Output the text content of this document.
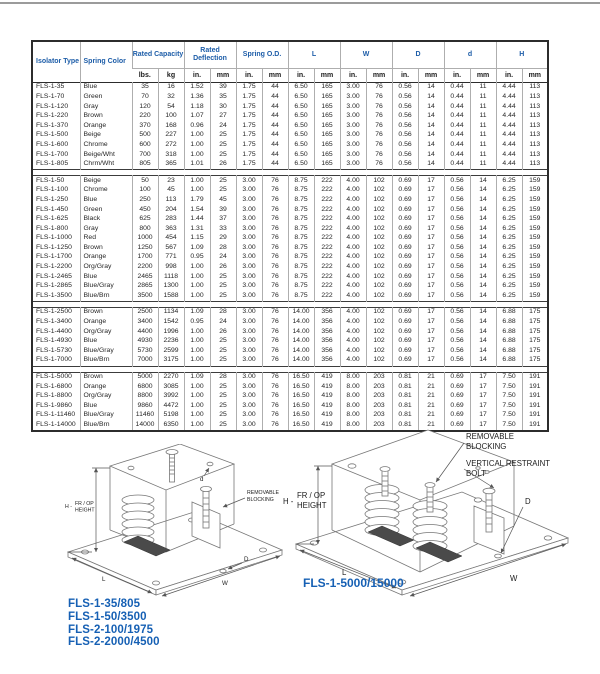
Isolator Type	Spring Color	Rated Capacity		Rated Deflection		Spring O.D.		L		W		D		d		H	
		lbs.	kg	in.	mm	in.	mm	in.	mm	in.	mm	in.	mm	in.	mm	in.	mm
FLS-1-35	Blue	35	16	1.52	39	1.75	44	6.50	165	3.00	76	0.56	14	0.44	11	4.44	113
FLS-1-70	Green	70	32	1.36	35	1.75	44	6.50	165	3.00	76	0.56	14	0.44	11	4.44	113
FLS-1-120	Gray	120	54	1.18	30	1.75	44	6.50	165	3.00	76	0.56	14	0.44	11	4.44	113
FLS-1-220	Brown	220	100	1.07	27	1.75	44	6.50	165	3.00	76	0.56	14	0.44	11	4.44	113
FLS-1-370	Orange	370	168	0.96	24	1.75	44	6.50	165	3.00	76	0.56	14	0.44	11	4.44	113
FLS-1-500	Beige	500	227	1.00	25	1.75	44	6.50	165	3.00	76	0.56	14	0.44	11	4.44	113
FLS-1-600	Chrome	600	272	1.00	25	1.75	44	6.50	165	3.00	76	0.56	14	0.44	11	4.44	113
FLS-1-700	Beige/Wht	700	318	1.00	25	1.75	44	6.50	165	3.00	76	0.56	14	0.44	11	4.44	113
FLS-1-805	Chrm/Wht	805	365	1.01	26	1.75	44	6.50	165	3.00	76	0.56	14	0.44	11	4.44	113

FLS-1-50	Beige	50	23	1.00	25	3.00	76	8.75	222	4.00	102	0.69	17	0.56	14	6.25	159
FLS-1-100	Chrome	100	45	1.00	25	3.00	76	8.75	222	4.00	102	0.69	17	0.56	14	6.25	159
FLS-1-250	Blue	250	113	1.79	45	3.00	76	8.75	222	4.00	102	0.69	17	0.56	14	6.25	159
FLS-1-450	Green	450	204	1.54	39	3.00	76	8.75	222	4.00	102	0.69	17	0.56	14	6.25	159
FLS-1-625	Black	625	283	1.44	37	3.00	76	8.75	222	4.00	102	0.69	17	0.56	14	6.25	159
FLS-1-800	Gray	800	363	1.31	33	3.00	76	8.75	222	4.00	102	0.69	17	0.56	14	6.25	159
FLS-1-1000	Red	1000	454	1.15	29	3.00	76	8.75	222	4.00	102	0.69	17	0.56	14	6.25	159
FLS-1-1250	Brown	1250	567	1.09	28	3.00	76	8.75	222	4.00	102	0.69	17	0.56	14	6.25	159
FLS-1-1700	Orange	1700	771	0.95	24	3.00	76	8.75	222	4.00	102	0.69	17	0.56	14	6.25	159
FLS-1-2200	Org/Gray	2200	998	1.00	26	3.00	76	8.75	222	4.00	102	0.69	17	0.56	14	6.25	159
FLS-1-2465	Blue	2465	1118	1.00	25	3.00	76	8.75	222	4.00	102	0.69	17	0.56	14	6.25	159
FLS-1-2865	Blue/Gray	2865	1300	1.00	25	3.00	76	8.75	222	4.00	102	0.69	17	0.56	14	6.25	159
FLS-1-3500	Blue/Brn	3500	1588	1.00	25	3.00	76	8.75	222	4.00	102	0.69	17	0.56	14	6.25	159

FLS-1-2500	Brown	2500	1134	1.09	28	3.00	76	14.00	356	4.00	102	0.69	17	0.56	14	6.88	175
FLS-1-3400	Orange	3400	1542	0.95	24	3.00	76	14.00	356	4.00	102	0.69	17	0.56	14	6.88	175
FLS-1-4400	Org/Gray	4400	1996	1.00	26	3.00	76	14.00	356	4.00	102	0.69	17	0.56	14	6.88	175
FLS-1-4930	Blue	4930	2236	1.00	25	3.00	76	14.00	356	4.00	102	0.69	17	0.56	14	6.88	175
FLS-1-5730	Blue/Gray	5730	2599	1.00	25	3.00	76	14.00	356	4.00	102	0.69	17	0.56	14	6.88	175
FLS-1-7000	Blue/Brn	7000	3175	1.00	25	3.00	76	14.00	356	4.00	102	0.69	17	0.56	14	6.88	175

FLS-1-5000	Brown	5000	2270	1.09	28	3.00	76	16.50	419	8.00	203	0.81	21	0.69	17	7.50	191
FLS-1-6800	Orange	6800	3085	1.00	25	3.00	76	16.50	419	8.00	203	0.81	21	0.69	17	7.50	191
FLS-1-8800	Org/Gray	8800	3992	1.00	25	3.00	76	16.50	419	8.00	203	0.81	21	0.69	17	7.50	191
FLS-1-9860	Blue	9860	4472	1.00	25	3.00	76	16.50	419	8.00	203	0.81	21	0.69	17	7.50	191
FLS-1-11460	Blue/Gray	11460	5198	1.00	25	3.00	76	16.50	419	8.00	203	0.81	21	0.69	17	7.50	191
FLS-1-14000	Blue/Brn	14000	6350	1.00	25	3.00	76	16.50	419	8.00	203	0.81	21	0.69	17	7.50	191
H - FR / OP
HEIGHT
L
W
D
d
REMOVABLE
BLOCKING
FLS-1-35/805
FLS-1-50/3500
FLS-2-100/1975
FLS-2-2000/4500
H -
FR / OP
HEIGHT
REMOVABLE
BLOCKING
VERTICAL RESTRAINT
BOLT
D
L
W
FLS-1-5000/15000
